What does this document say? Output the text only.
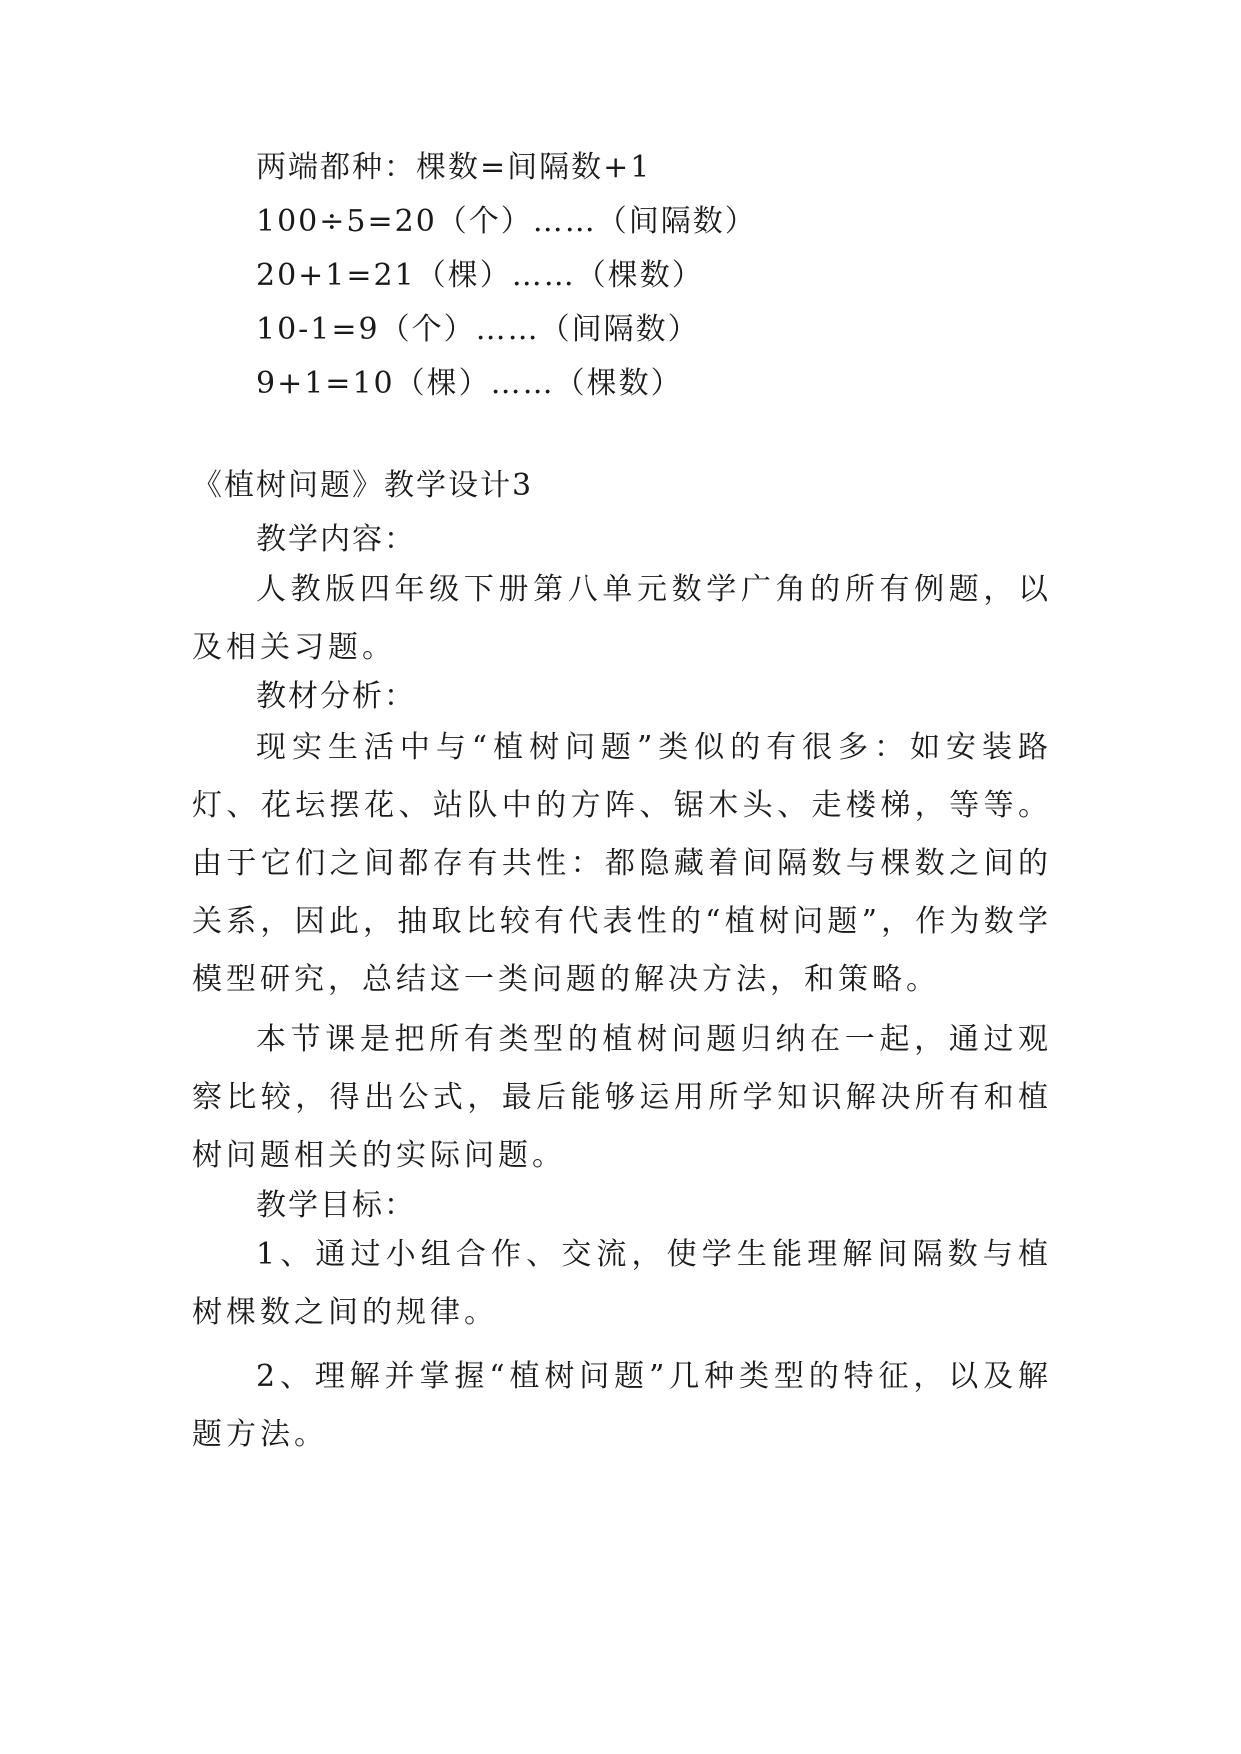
两端都种：棵数=间隔数+1
100÷5=20（个）……（间隔数）
20+1=21（棵）……（棵数）
10-1=9（个）……（间隔数）
9+1=10（棵）……（棵数）
《植树问题》教学设计3
教学内容：
人教版四年级下册第八单元数学广角的所有例题，以及相关习题。
教材分析：
现实生活中与“植树问题”类似的有很多：如安装路灯、花坛摆花、站队中的方阵、锯木头、走楼梯，等等。由于它们之间都存有共性：都隐藏着间隔数与棵数之间的关系，因此，抽取比较有代表性的“植树问题”，作为数学模型研究，总结这一类问题的解决方法，和策略。
本节课是把所有类型的植树问题归纳在一起，通过观察比较，得出公式，最后能够运用所学知识解决所有和植树问题相关的实际问题。
教学目标：
1、通过小组合作、交流，使学生能理解间隔数与植树棵数之间的规律。
2、理解并掌握“植树问题”几种类型的特征，以及解题方法。
